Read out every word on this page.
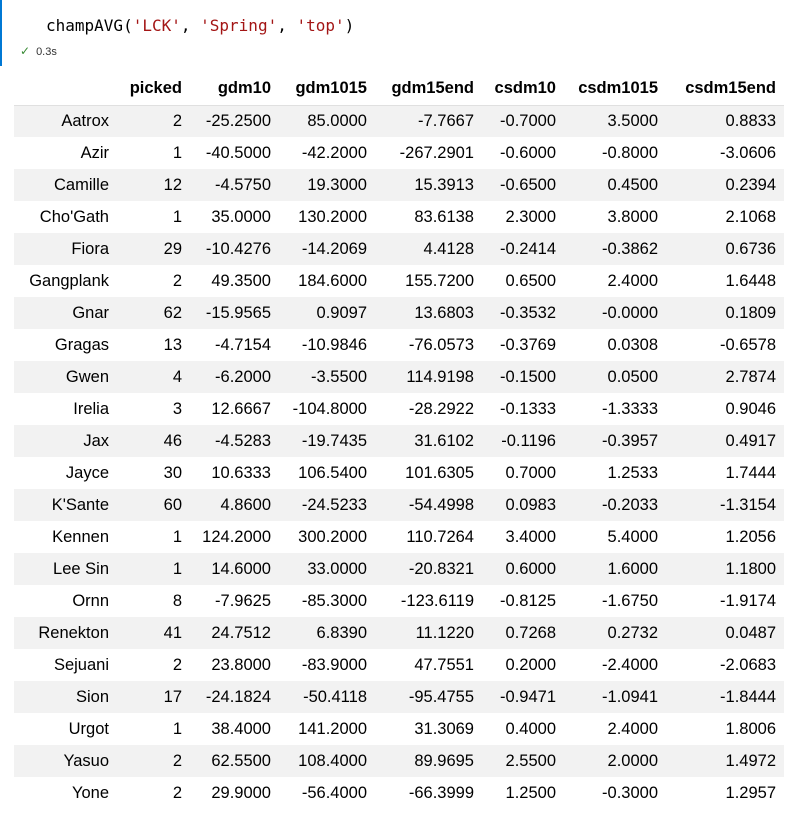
champAVG('LCK', 'Spring', 'top')
✓ 0.3s
	picked	gdm10	gdm1015	gdm15end	csdm10	csdm1015	csdm15end
Aatrox	2	-25.2500	85.0000	-7.7667	-0.7000	3.5000	0.8833
Azir	1	-40.5000	-42.2000	-267.2901	-0.6000	-0.8000	-3.0606
Camille	12	-4.5750	19.3000	15.3913	-0.6500	0.4500	0.2394
Cho'Gath	1	35.0000	130.2000	83.6138	2.3000	3.8000	2.1068
Fiora	29	-10.4276	-14.2069	4.4128	-0.2414	-0.3862	0.6736
Gangplank	2	49.3500	184.6000	155.7200	0.6500	2.4000	1.6448
Gnar	62	-15.9565	0.9097	13.6803	-0.3532	-0.0000	0.1809
Gragas	13	-4.7154	-10.9846	-76.0573	-0.3769	0.0308	-0.6578
Gwen	4	-6.2000	-3.5500	114.9198	-0.1500	0.0500	2.7874
Irelia	3	12.6667	-104.8000	-28.2922	-0.1333	-1.3333	0.9046
Jax	46	-4.5283	-19.7435	31.6102	-0.1196	-0.3957	0.4917
Jayce	30	10.6333	106.5400	101.6305	0.7000	1.2533	1.7444
K'Sante	60	4.8600	-24.5233	-54.4998	0.0983	-0.2033	-1.3154
Kennen	1	124.2000	300.2000	110.7264	3.4000	5.4000	1.2056
Lee Sin	1	14.6000	33.0000	-20.8321	0.6000	1.6000	1.1800
Ornn	8	-7.9625	-85.3000	-123.6119	-0.8125	-1.6750	-1.9174
Renekton	41	24.7512	6.8390	11.1220	0.7268	0.2732	0.0487
Sejuani	2	23.8000	-83.9000	47.7551	0.2000	-2.4000	-2.0683
Sion	17	-24.1824	-50.4118	-95.4755	-0.9471	-1.0941	-1.8444
Urgot	1	38.4000	141.2000	31.3069	0.4000	2.4000	1.8006
Yasuo	2	62.5500	108.4000	89.9695	2.5500	2.0000	1.4972
Yone	2	29.9000	-56.4000	-66.3999	1.2500	-0.3000	1.2957
